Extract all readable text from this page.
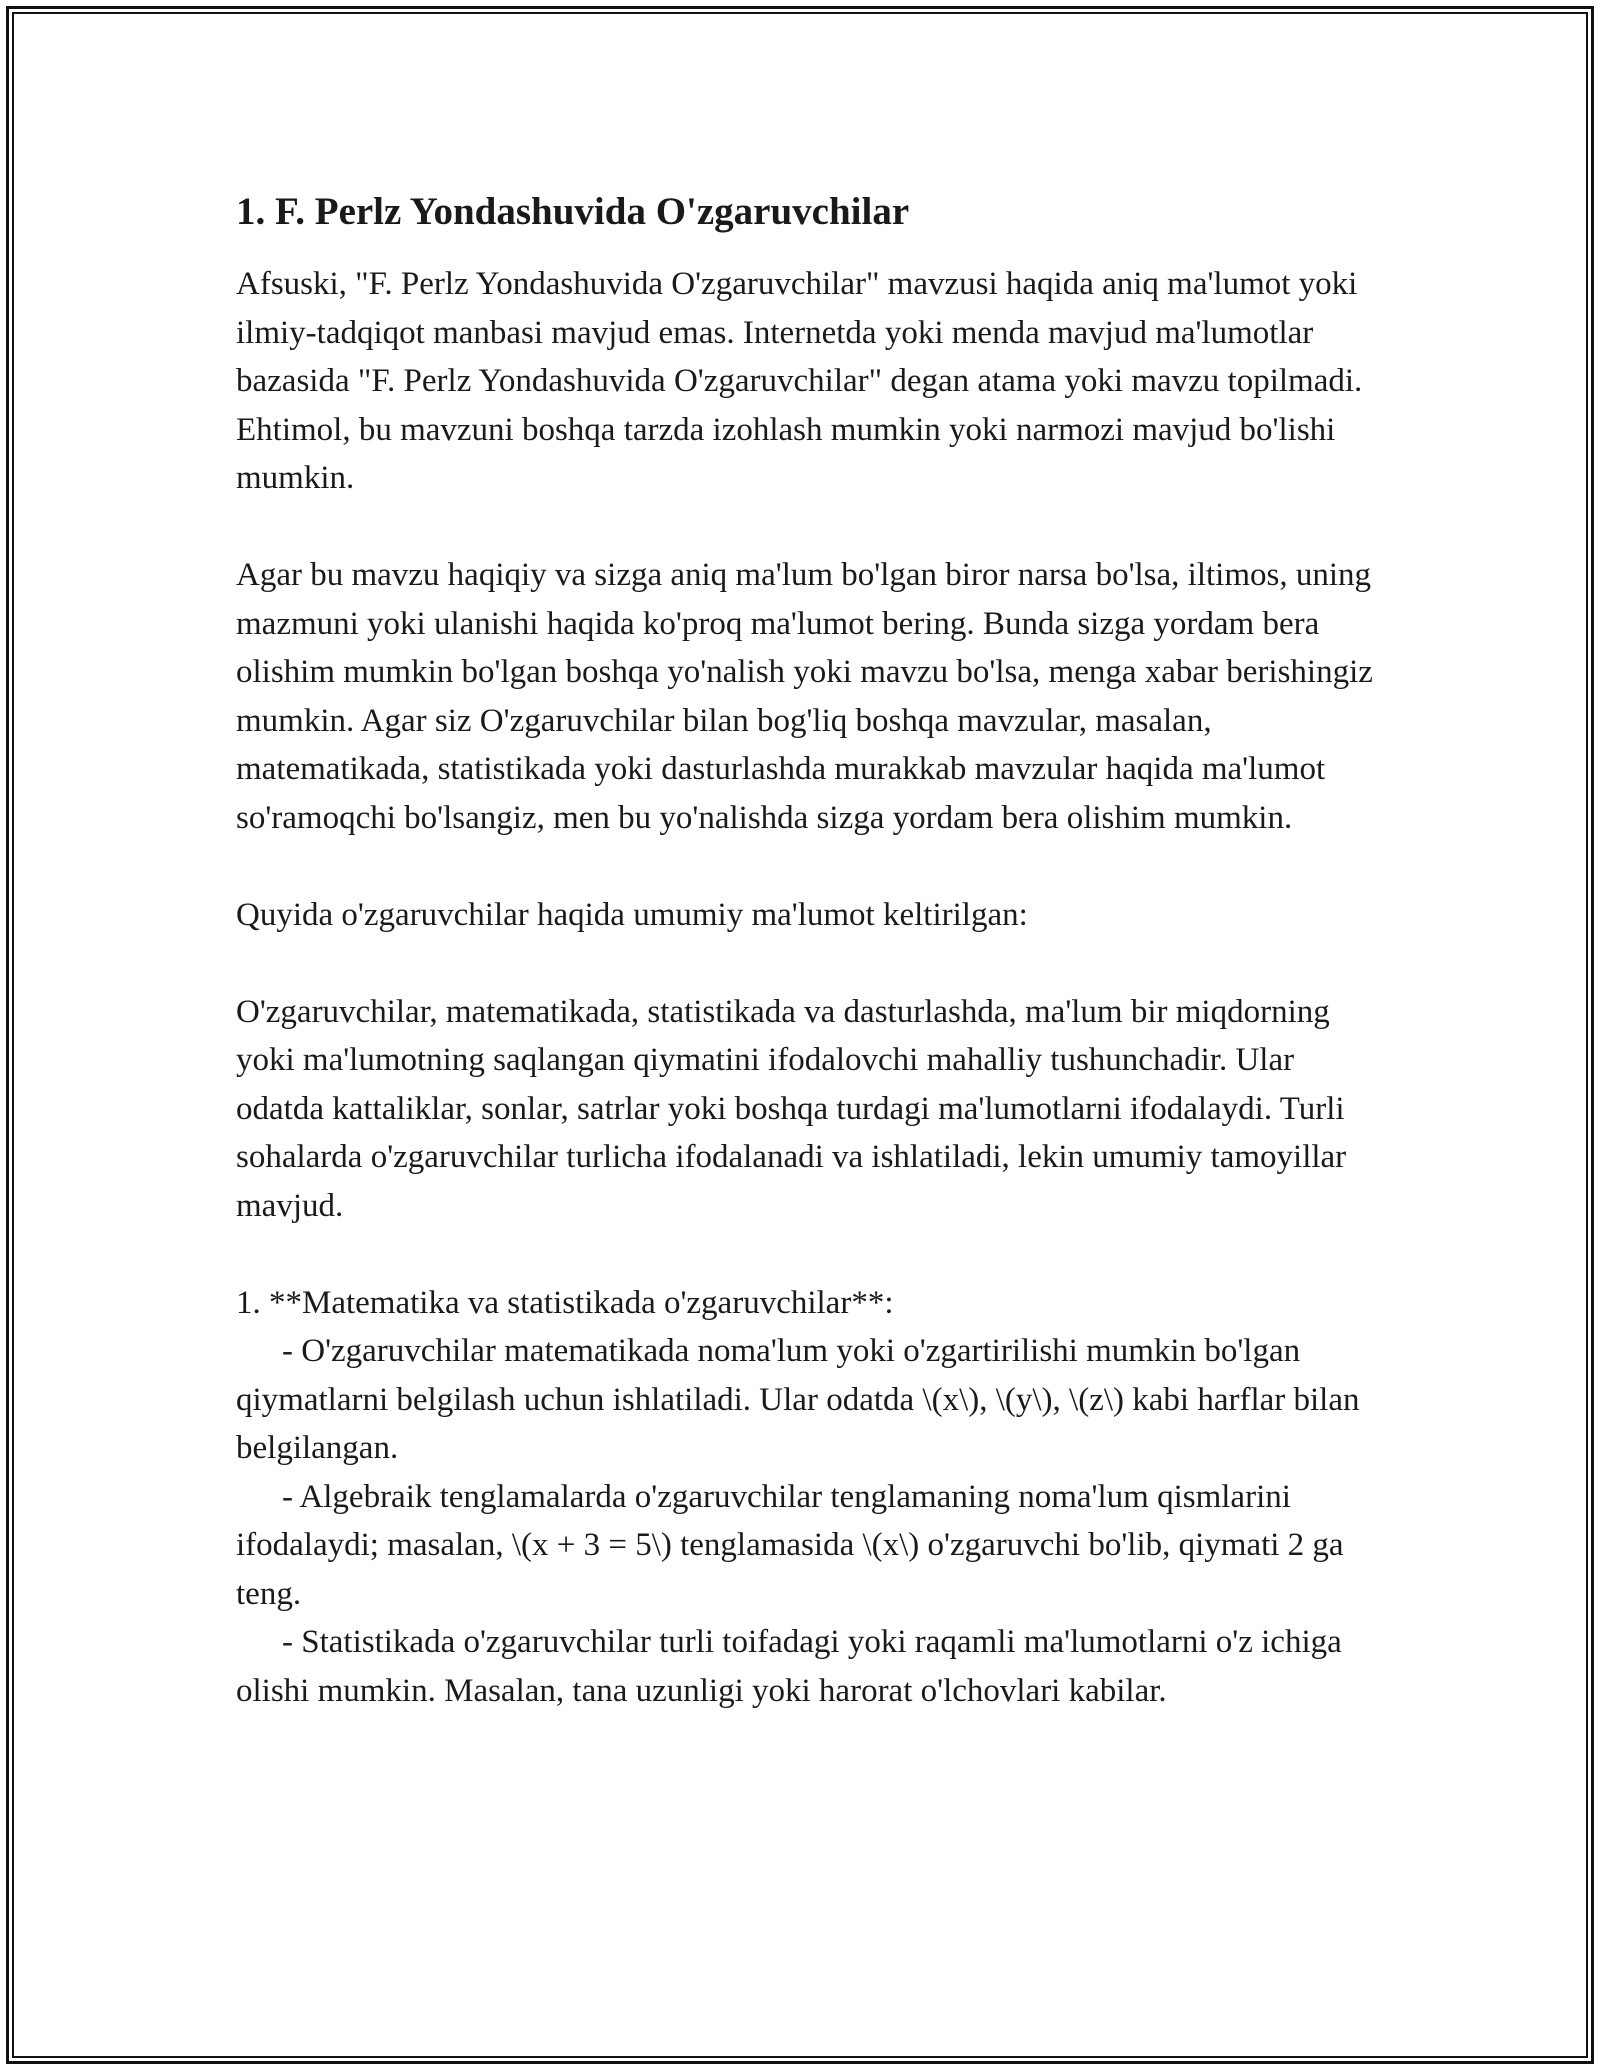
1. F. Perlz Yondashuvida O'zgaruvchilar

Afsuski, "F. Perlz Yondashuvida O'zgaruvchilar" mavzusi haqida aniq ma'lumot yoki ilmiy-tadqiqot manbasi mavjud emas. Internetda yoki menda mavjud ma'lumotlar bazasida "F. Perlz Yondashuvida O'zgaruvchilar" degan atama yoki mavzu topilmadi. Ehtimol, bu mavzuni boshqa tarzda izohlash mumkin yoki narmozi mavjud bo'lishi mumkin.

Agar bu mavzu haqiqiy va sizga aniq ma'lum bo'lgan biror narsa bo'lsa, iltimos, uning mazmuni yoki ulanishi haqida ko'proq ma'lumot bering. Bunda sizga yordam bera olishim mumkin bo'lgan boshqa yo'nalish yoki mavzu bo'lsa, menga xabar berishingiz mumkin. Agar siz O'zgaruvchilar bilan bog'liq boshqa mavzular, masalan, matematikada, statistikada yoki dasturlashda murakkab mavzular haqida ma'lumot so'ramoqchi bo'lsangiz, men bu yo'nalishda sizga yordam bera olishim mumkin.

Quyida o'zgaruvchilar haqida umumiy ma'lumot keltirilgan:

O'zgaruvchilar, matematikada, statistikada va dasturlashda, ma'lum bir miqdorning yoki ma'lumotning saqlangan qiymatini ifodalovchi mahalliy tushunchadir. Ular odatda kattaliklar, sonlar, satrlar yoki boshqa turdagi ma'lumotlarni ifodalaydi. Turli sohalarda o'zgaruvchilar turlicha ifodalanadi va ishlatiladi, lekin umumiy tamoyillar mavjud.

1. **Matematika va statistikada o'zgaruvchilar**:
- O'zgaruvchilar matematikada noma'lum yoki o'zgartirilishi mumkin bo'lgan qiymatlarni belgilash uchun ishlatiladi. Ular odatda \(x\), \(y\), \(z\) kabi harflar bilan belgilangan.
- Algebraik tenglamalarda o'zgaruvchilar tenglamaning noma'lum qismlarini ifodalaydi; masalan, \(x + 3 = 5\) tenglamasida \(x\) o'zgaruvchi bo'lib, qiymati 2 ga teng.
- Statistikada o'zgaruvchilar turli toifadagi yoki raqamli ma'lumotlarni o'z ichiga olishi mumkin. Masalan, tana uzunligi yoki harorat o'lchovlari kabilar.
